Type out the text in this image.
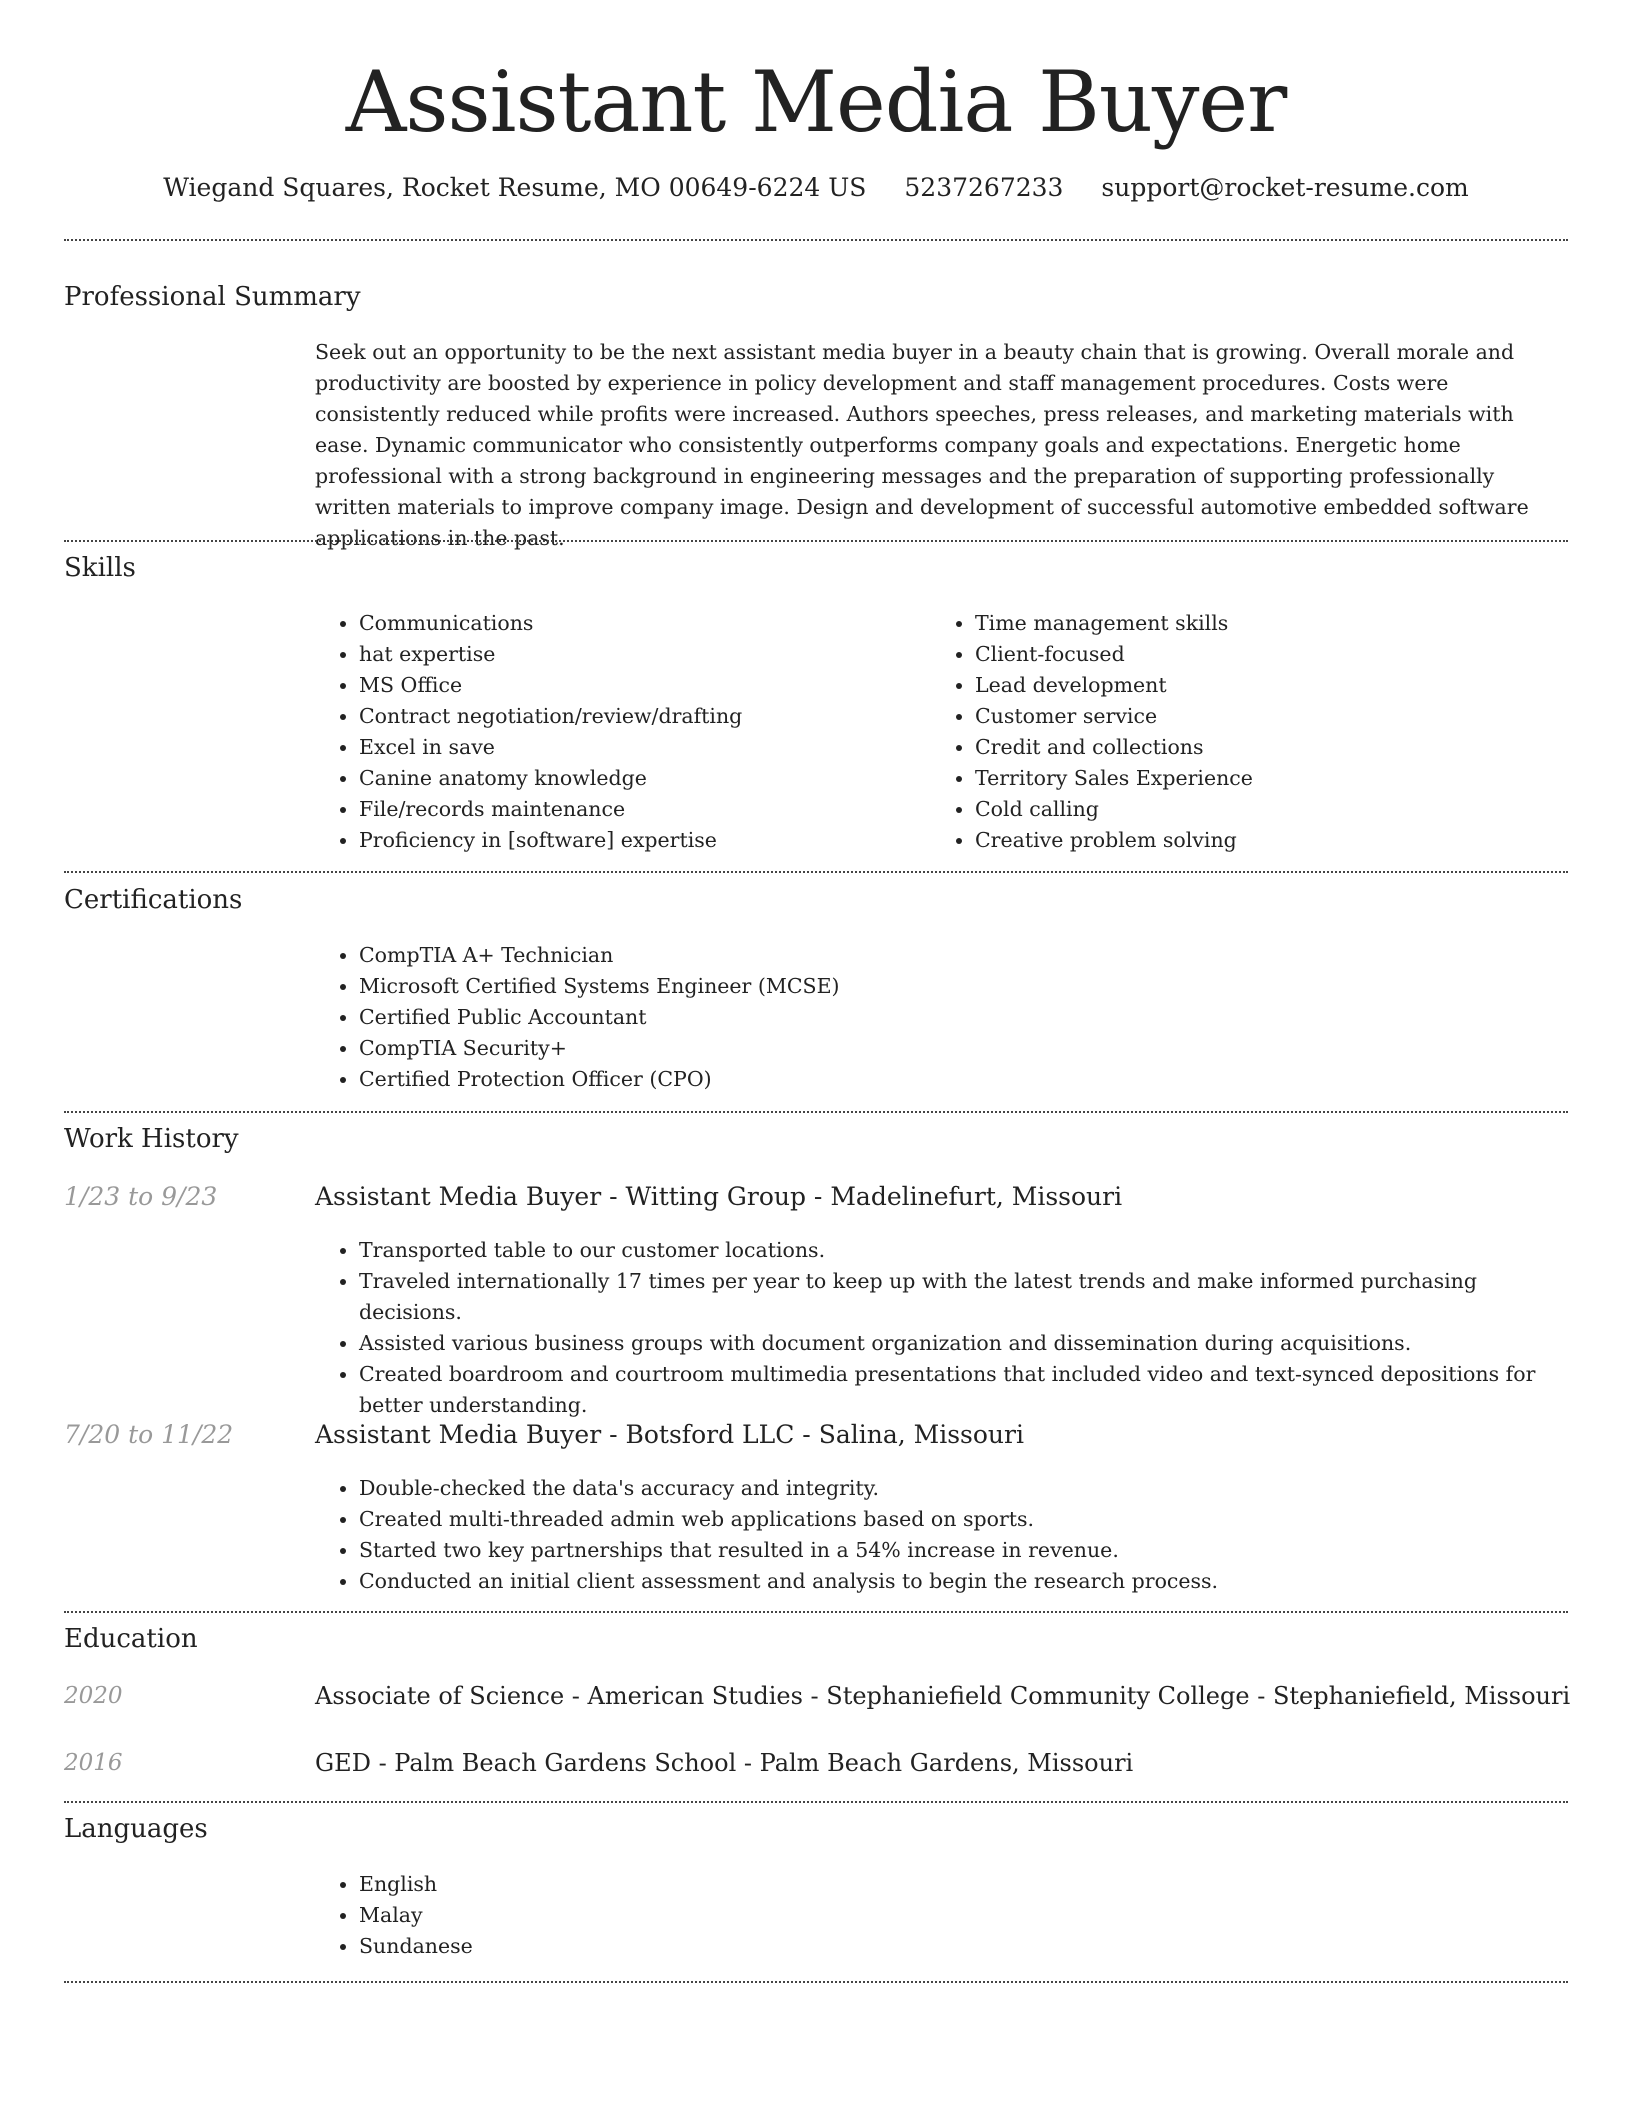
Assistant Media Buyer
Wiegand Squares, Rocket Resume, MO 00649-6224 US 5237267233 support@rocket-resume.com
Professional Summary

Seek out an opportunity to be the next assistant media buyer in a beauty chain that is growing. Overall morale and productivity are boosted by experience in policy development and staff management procedures. Costs were consistently reduced while profits were increased. Authors speeches, press releases, and marketing materials with ease. Dynamic communicator who consistently outperforms company goals and expectations. Energetic home professional with a strong background in engineering messages and the preparation of supporting professionally written materials to improve company image. Design and development of successful automotive embedded software applications in the past.

Skills
• Communications
• hat expertise
• MS Office
• Contract negotiation/review/drafting
• Excel in save
• Canine anatomy knowledge
• File/records maintenance
• Proficiency in [software] expertise
• Time management skills
• Client-focused
• Lead development
• Customer service
• Credit and collections
• Territory Sales Experience
• Cold calling
• Creative problem solving
Certifications
• CompTIA A+ Technician
• Microsoft Certified Systems Engineer (MCSE)
• Certified Public Accountant
• CompTIA Security+
• Certified Protection Officer (CPO)
Work History
1/23 to 9/23	Assistant Media Buyer - Witting Group - Madelinefurt, Missouri
• Transported table to our customer locations.
• Traveled internationally 17 times per year to keep up with the latest trends and make informed purchasing decisions.
• Assisted various business groups with document organization and dissemination during acquisitions.
• Created boardroom and courtroom multimedia presentations that included video and text-synced depositions for better understanding.
7/20 to 11/22	Assistant Media Buyer - Botsford LLC - Salina, Missouri
• Double-checked the data's accuracy and integrity.
• Created multi-threaded admin web applications based on sports.
• Started two key partnerships that resulted in a 54% increase in revenue.
• Conducted an initial client assessment and analysis to begin the research process.
Education
2020	Associate of Science - American Studies - Stephaniefield Community College - Stephaniefield, Missouri
2016	GED - Palm Beach Gardens School - Palm Beach Gardens, Missouri
Languages
• English
• Malay
• Sundanese
